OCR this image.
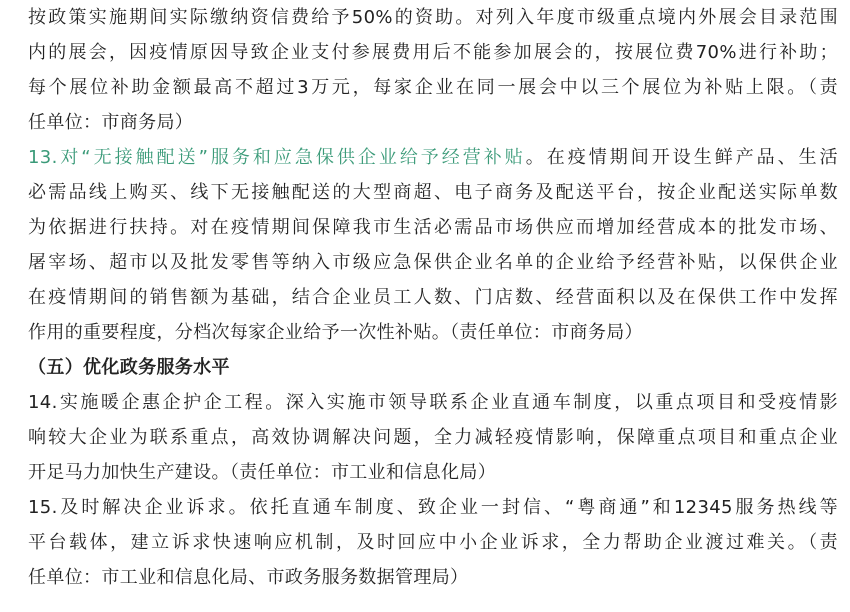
按政策实施期间实际缴纳资信费给予50%的资助。对列入年度市级重点境内外展会目录范围
内的展会，因疫情原因导致企业支付参展费用后不能参加展会的，按展位费70%进行补助；
每个展位补助金额最高不超过3万元，每家企业在同一展会中以三个展位为补贴上限。（责
任单位：市商务局）
13.对“无接触配送”服务和应急保供企业给予经营补贴。在疫情期间开设生鲜产品、生活
必需品线上购买、线下无接触配送的大型商超、电子商务及配送平台，按企业配送实际单数
为依据进行扶持。对在疫情期间保障我市生活必需品市场供应而增加经营成本的批发市场、
屠宰场、超市以及批发零售等纳入市级应急保供企业名单的企业给予经营补贴，以保供企业
在疫情期间的销售额为基础，结合企业员工人数、门店数、经营面积以及在保供工作中发挥
作用的重要程度，分档次每家企业给予一次性补贴。（责任单位：市商务局）
（五）优化政务服务水平
14.实施暖企惠企护企工程。深入实施市领导联系企业直通车制度，以重点项目和受疫情影
响较大企业为联系重点，高效协调解决问题，全力减轻疫情影响，保障重点项目和重点企业
开足马力加快生产建设。（责任单位：市工业和信息化局）
15.及时解决企业诉求。依托直通车制度、致企业一封信、“粤商通”和12345服务热线等
平台载体，建立诉求快速响应机制，及时回应中小企业诉求，全力帮助企业渡过难关。（责
任单位：市工业和信息化局、市政务服务数据管理局）
